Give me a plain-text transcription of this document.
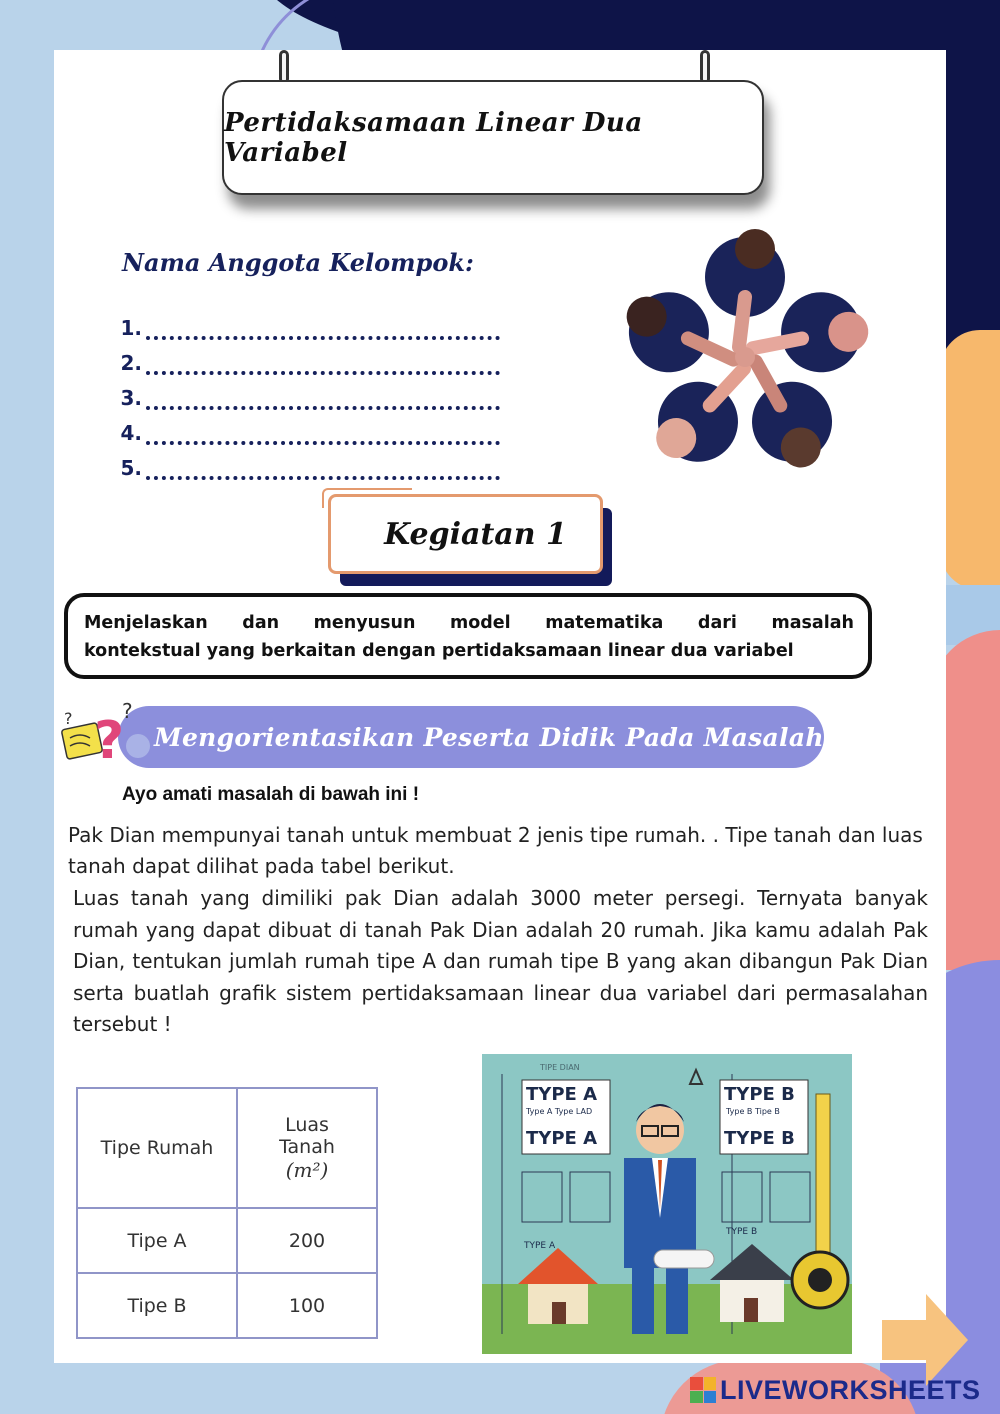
Pertidaksamaan Linear Dua Variabel
Nama Anggota Kelompok:
1.
2.
3.
4.
5.
Kegiatan 1
Menjelaskan dan menyusun model matematika dari masalah
kontekstual yang berkaitan dengan pertidaksamaan linear dua variabel
Mengorientasikan Peserta Didik Pada Masalah
?
?
?
Ayo amati masalah di bawah ini !
Pak Dian mempunyai tanah untuk membuat 2 jenis tipe rumah. . Tipe tanah dan luas tanah dapat dilihat pada tabel berikut.
Luas tanah yang dimiliki pak Dian adalah 3000 meter persegi. Ternyata banyak rumah yang dapat dibuat di tanah Pak Dian adalah 20 rumah. Jika kamu adalah Pak Dian, tentukan jumlah rumah tipe A dan rumah tipe B yang akan dibangun Pak Dian serta buatlah grafik sistem pertidaksamaan linear dua variabel dari permasalahan tersebut !
Tipe Rumah	Luas
Tanah
(m²)

Tipe A	200
Tipe B	100
TIPE DIAN
TYPE A
Type A Type LAD
TYPE A
TYPE B
Type B Tipe B
TYPE B
TYPE A
TYPE B
LIVEWORKSHEETS
